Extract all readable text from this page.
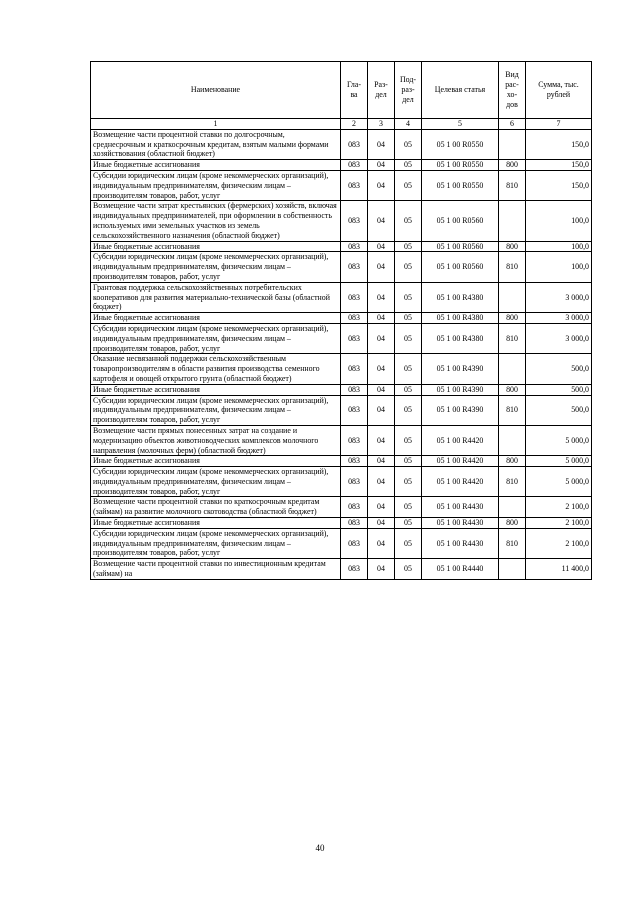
Наименование	Гла- ва	Раз- дел	Под- раз- дел	Целевая статья	Вид рас- хо- дов	Сумма, тыс. рублей
1	2	3	4	5	6	7
Возмещение части процентной ставки по долгосрочным, среднесрочным и краткосрочным кредитам, взятым малыми формами хозяйствования (областной бюджет)	083	04	05	05 1 00 R0550		150,0
Иные бюджетные ассигнования	083	04	05	05 1 00 R0550	800	150,0
Субсидии юридическим лицам (кроме некоммерческих организаций), индивидуальным предпринимателям, физическим лицам – производителям товаров, работ, услуг	083	04	05	05 1 00 R0550	810	150,0
Возмещение части затрат крестьянских (фермерских) хозяйств, включая индивидуальных предпринимателей, при оформлении в собственность используемых ими земельных участков из земель сельскохозяйственного назначения (областной бюджет)	083	04	05	05 1 00 R0560		100,0
Иные бюджетные ассигнования	083	04	05	05 1 00 R0560	800	100,0
Субсидии юридическим лицам (кроме некоммерческих организаций), индивидуальным предпринимателям, физическим лицам – производителям товаров, работ, услуг	083	04	05	05 1 00 R0560	810	100,0
Грантовая поддержка сельскохозяйственных потребительских кооперативов для развития материально-технической базы (областной бюджет)	083	04	05	05 1 00 R4380		3 000,0
Иные бюджетные ассигнования	083	04	05	05 1 00 R4380	800	3 000,0
Субсидии юридическим лицам (кроме некоммерческих организаций), индивидуальным предпринимателям, физическим лицам – производителям товаров, работ, услуг	083	04	05	05 1 00 R4380	810	3 000,0
Оказание несвязанной поддержки сельскохозяйственным товаропроизводителям в области развития производства семенного картофеля и овощей открытого грунта (областной бюджет)	083	04	05	05 1 00 R4390		500,0
Иные бюджетные ассигнования	083	04	05	05 1 00 R4390	800	500,0
Субсидии юридическим лицам (кроме некоммерческих организаций), индивидуальным предпринимателям, физическим лицам – производителям товаров, работ, услуг	083	04	05	05 1 00 R4390	810	500,0
Возмещение части прямых понесенных затрат на создание и модернизацию объектов животноводческих комплексов молочного направления (молочных ферм) (областной бюджет)	083	04	05	05 1 00 R4420		5 000,0
Иные бюджетные ассигнования	083	04	05	05 1 00 R4420	800	5 000,0
Субсидии юридическим лицам (кроме некоммерческих организаций), индивидуальным предпринимателям, физическим лицам – производителям товаров, работ, услуг	083	04	05	05 1 00 R4420	810	5 000,0
Возмещение части процентной ставки по краткосрочным кредитам (займам) на развитие молочного скотоводства (областной бюджет)	083	04	05	05 1 00 R4430		2 100,0
Иные бюджетные ассигнования	083	04	05	05 1 00 R4430	800	2 100,0
Субсидии юридическим лицам (кроме некоммерческих организаций), индивидуальным предпринимателям, физическим лицам – производителям товаров, работ, услуг	083	04	05	05 1 00 R4430	810	2 100,0
Возмещение части процентной ставки по инвестиционным кредитам (займам) на	083	04	05	05 1 00 R4440		11 400,0
40
